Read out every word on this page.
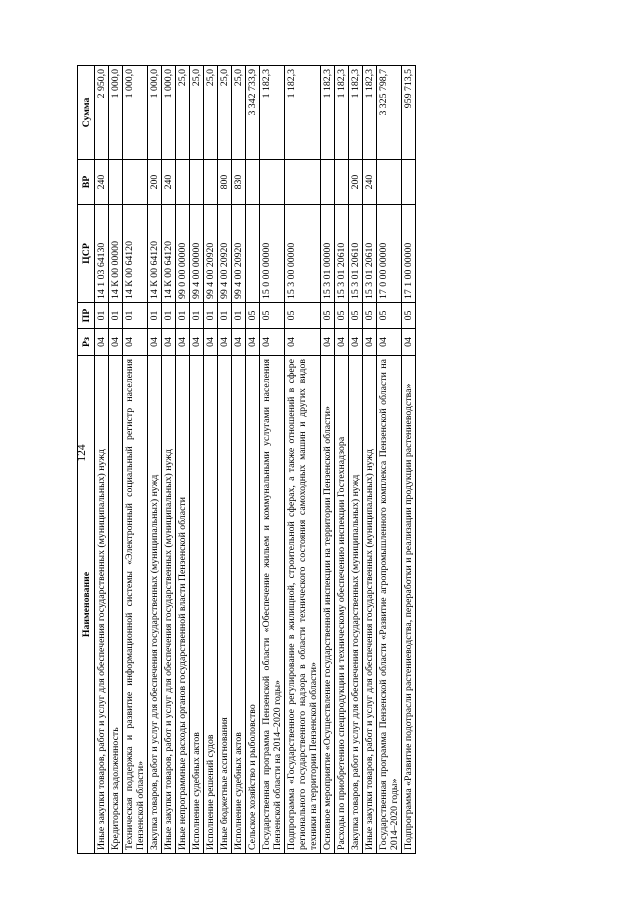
124
Наименование	Рз	ПР	ЦСР	ВР	Сумма
Иные закупки товаров, работ и услуг для обеспечения государственных (муниципальных) нужд	04	01	14 1 03 64130	240	2 950,0
Кредиторская задолженность	04	01	14 К 00 00000		1 000,0
Техническая поддержка и развитие информационной системы «Электронный социальный регистр населения Пензенской области»	04	01	14 К 00 64120		1 000,0
Закупка товаров, работ и услуг для обеспечения государственных (муниципальных) нужд	04	01	14 К 00 64120	200	1 000,0
Иные закупки товаров, работ и услуг для обеспечения государственных (муниципальных) нужд	04	01	14 К 00 64120	240	1 000,0
Иные непрограммные расходы органов государственной власти Пензенской области	04	01	99 0 00 00000		25,0
Исполнение судебных актов	04	01	99 4 00 00000		25,0
Исполнение решений судов	04	01	99 4 00 20920		25,0
Иные бюджетные ассигнования	04	01	99 4 00 20920	800	25,0
Исполнение судебных актов	04	01	99 4 00 20920	830	25,0
Сельское хозяйство и рыболовство	04	05			3 342 733,9
Государственная программа Пензенской области «Обеспечение жильем и коммунальными услугами населения Пензенской области на 2014–2020 годы»	04	05	15 0 00 00000		1 182,3
Подпрограмма «Государственное регулирование в жилищной, строительной сферах, а также отношений в сфере регионального государственного надзора в области технического состояния самоходных машин и других видов техники на территории Пензенской области»	04	05	15 3 00 00000		1 182,3
Основное мероприятие «Осуществление государственной инспекции на территории Пензенской области»	04	05	15 3 01 00000		1 182,3
Расходы по приобретению спецпродукции и техническому обеспечению инспекции Гостехнадзора	04	05	15 3 01 20610		1 182,3
Закупка товаров, работ и услуг для обеспечения государственных (муниципальных) нужд	04	05	15 3 01 20610	200	1 182,3
Иные закупки товаров, работ и услуг для обеспечения государственных (муниципальных) нужд	04	05	15 3 01 20610	240	1 182,3
Государственная программа Пензенской области «Развитие агропромышленного комплекса Пензенской области на 2014–2020 годы»	04	05	17 0 00 00000		3 325 798,7
Подпрограмма «Развитие подотрасли растениеводства, переработки и реализации продукции растениеводства»	04	05	17 1 00 00000		959 713,5
